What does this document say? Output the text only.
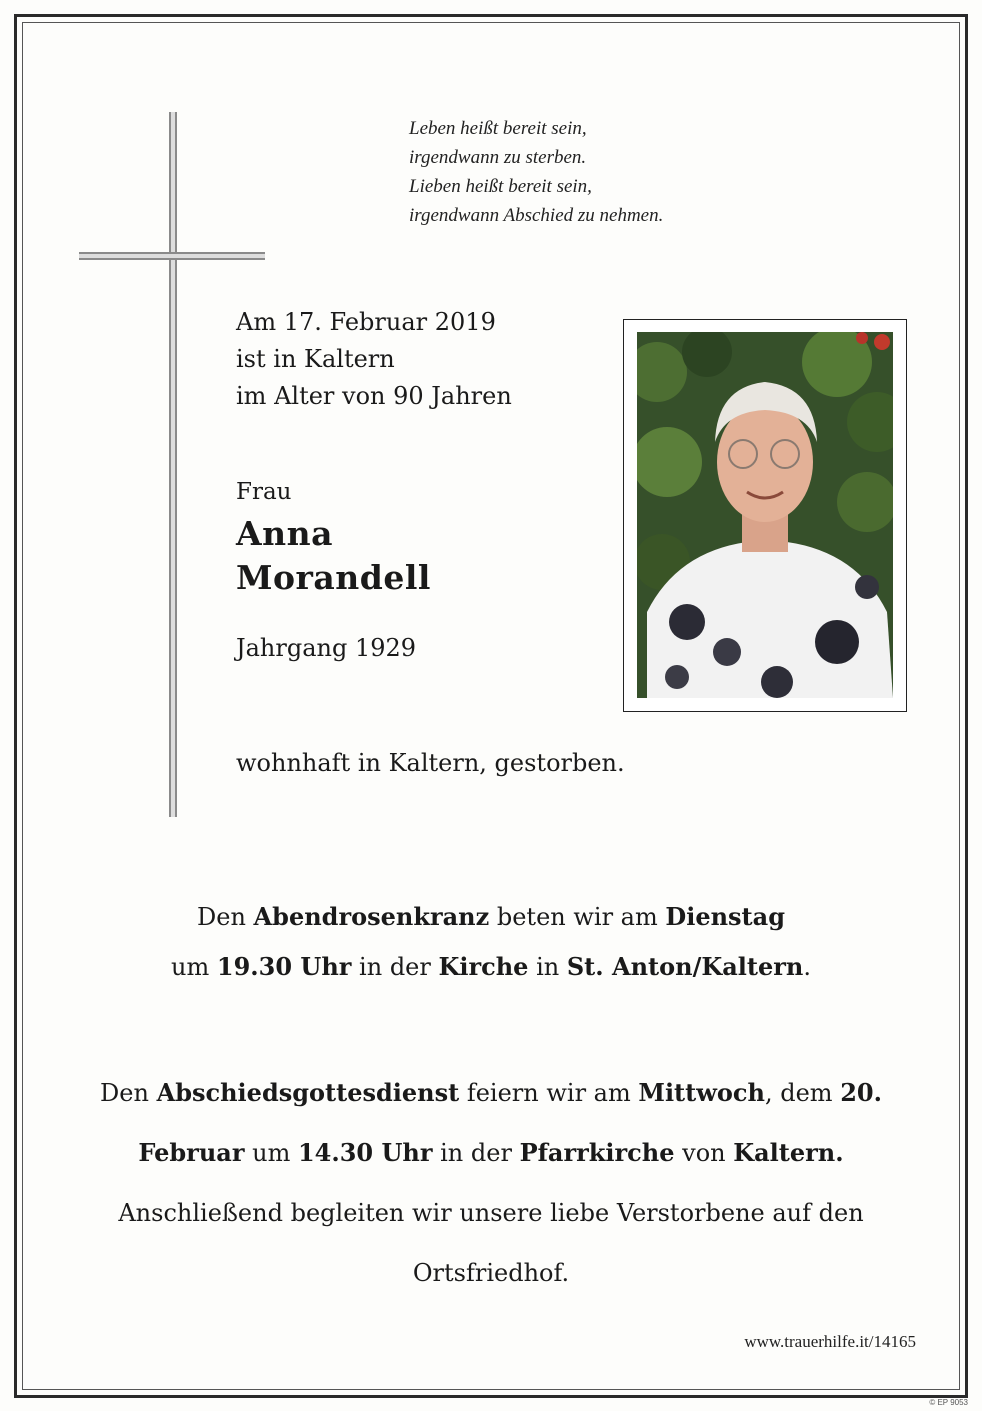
Leben heißt bereit sein,
irgendwann zu sterben.
Lieben heißt bereit sein,
irgendwann Abschied zu nehmen.
Am 17. Februar 2019
ist in Kaltern
im Alter von 90 Jahren
Frau
Anna
Morandell
Jahrgang 1929
wohnhaft in Kaltern, gestorben.
Den Abendrosenkranz beten wir am Dienstag
um 19.30 Uhr in der Kirche in St. Anton/Kaltern.
Den Abschiedsgottesdienst feiern wir am Mittwoch, dem 20.
Februar um 14.30 Uhr in der Pfarrkirche von Kaltern.
Anschließend begleiten wir unsere liebe Verstorbene auf den
Ortsfriedhof.
www.trauerhilfe.it/14165
© EP 9053
